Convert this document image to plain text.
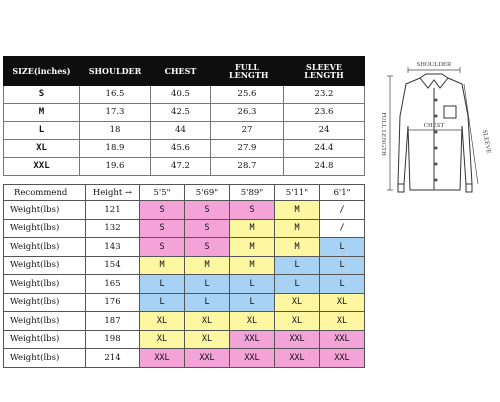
SIZE(inches)	SHOULDER	CHEST	FULL LENGTH	SLEEVE LENGTH
S	16.5	40.5	25.6	23.2
M	17.3	42.5	26.3	23.6
L	18	44	27	24
XL	18.9	45.6	27.9	24.4
XXL	19.6	47.2	28.7	24.8
Recommend	Height →	5'5"	5'69"	5'89"	5'11"	6'1"
Weight(lbs)	121	S	S	S	M	/
Weight(lbs)	132	S	S	M	M	/
Weight(lbs)	143	S	S	M	M	L
Weight(lbs)	154	M	M	M	L	L
Weight(lbs)	165	L	L	L	L	L
Weight(lbs)	176	L	L	L	XL	XL
Weight(lbs)	187	XL	XL	XL	XL	XL
Weight(lbs)	198	XL	XL	XXL	XXL	XXL
Weight(lbs)	214	XXL	XXL	XXL	XXL	XXL
SHOULDER
CHEST
FULL LENGTH	SLEEVE
